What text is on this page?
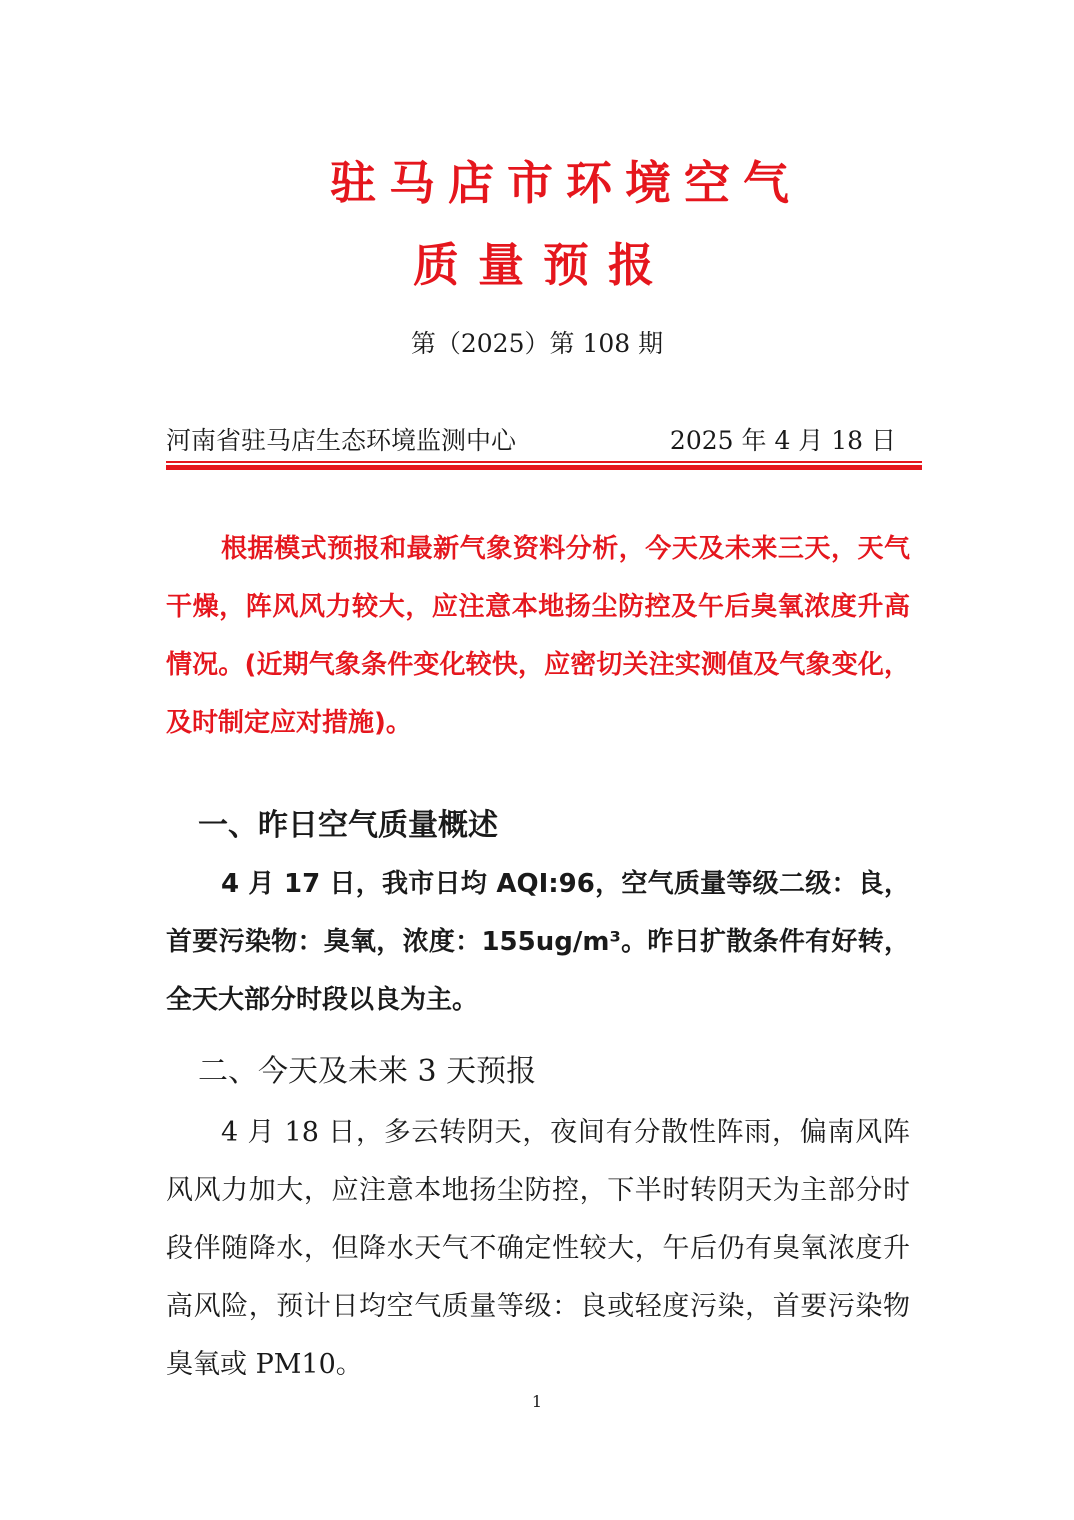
驻马店市环境空气
质量预报
第（2025）第 108 期
河南省驻马店生态环境监测中心	2025 年 4 月 18 日

根据模式预报和最新气象资料分析，今天及未来三天，天气干燥，阵风风力较大，应注意本地扬尘防控及午后臭氧浓度升高情况。(近期气象条件变化较快，应密切关注实测值及气象变化，及时制定应对措施)。

一、昨日空气质量概述

4 月 17 日，我市日均 AQI:96，空气质量等级二级：良，首要污染物：臭氧，浓度：155ug/m³。昨日扩散条件有好转，全天大部分时段以良为主。

二、今天及未来 3 天预报

4 月 18 日，多云转阴天，夜间有分散性阵雨，偏南风阵风风力加大，应注意本地扬尘防控，下半时转阴天为主部分时段伴随降水，但降水天气不确定性较大，午后仍有臭氧浓度升高风险，预计日均空气质量等级：良或轻度污染，首要污染物臭氧或 PM10。

1
